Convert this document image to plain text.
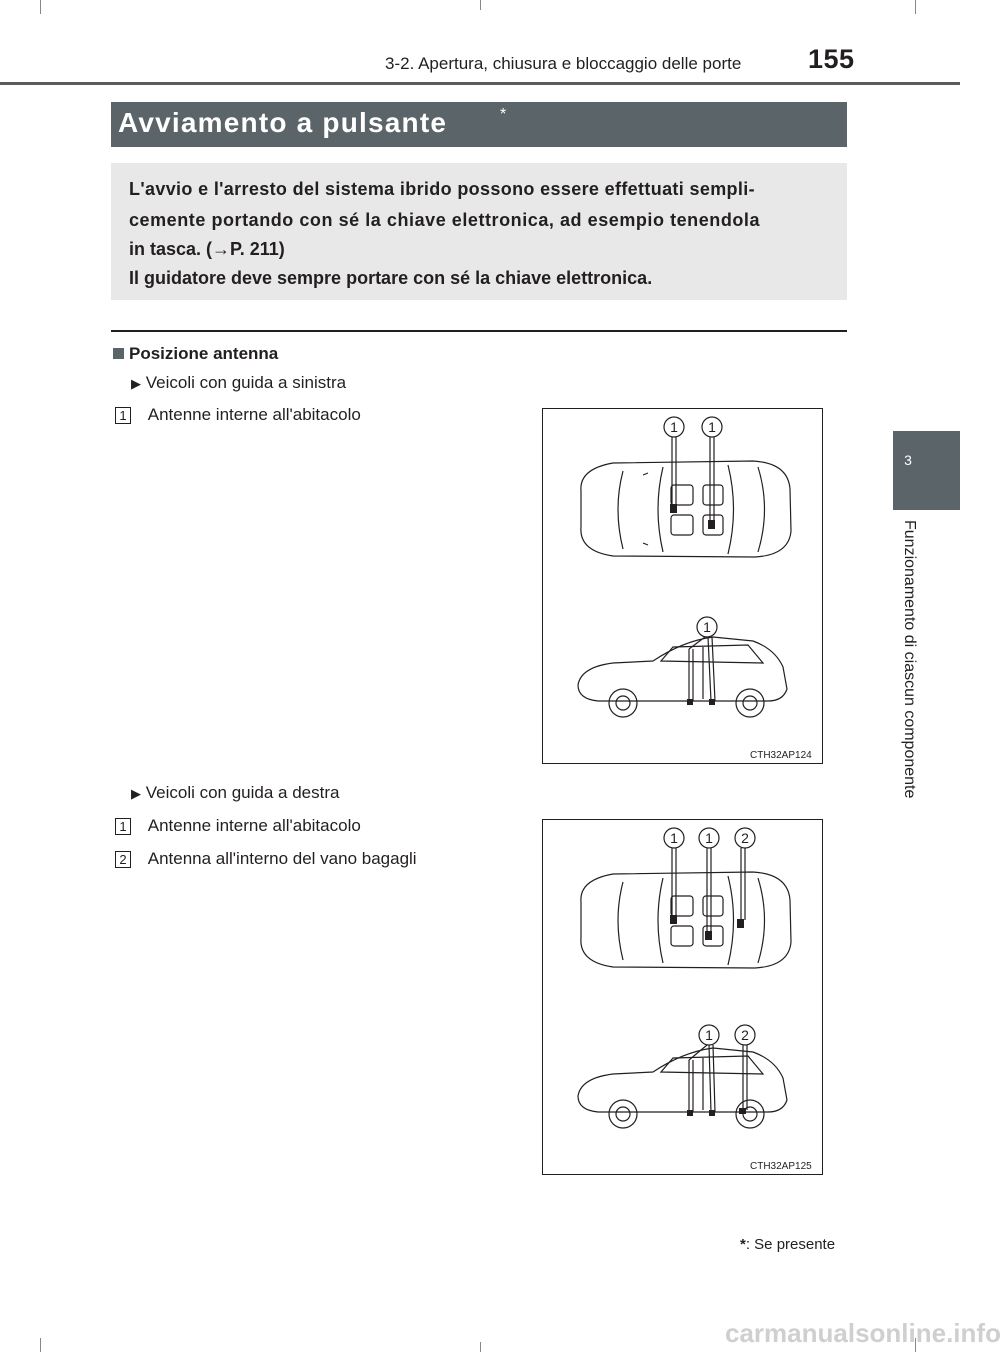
3-2. Apertura, chiusura e bloccaggio delle porte 155
Avviamento a pulsante	*

L'avvio e l'arresto del sistema ibrido possono essere effettuati sempli-

cemente portando con sé la chiave elettronica, ad esempio tenendola

in tasca. (→P. 211)

Il guidatore deve sempre portare con sé la chiave elettronica.

3
Funzionamento di ciascun componente
Posizione antenna
▶ Veicoli con guida a sinistra
1 Antenne interne all'abitacolo
1 1
1
CTH32AP124
▶ Veicoli con guida a destra
1 Antenne interne all'abitacolo
2 Antenna all'interno del vano bagagli
1 1 2
1 2
CTH32AP125
*: Se presente
carmanualsonline.info
